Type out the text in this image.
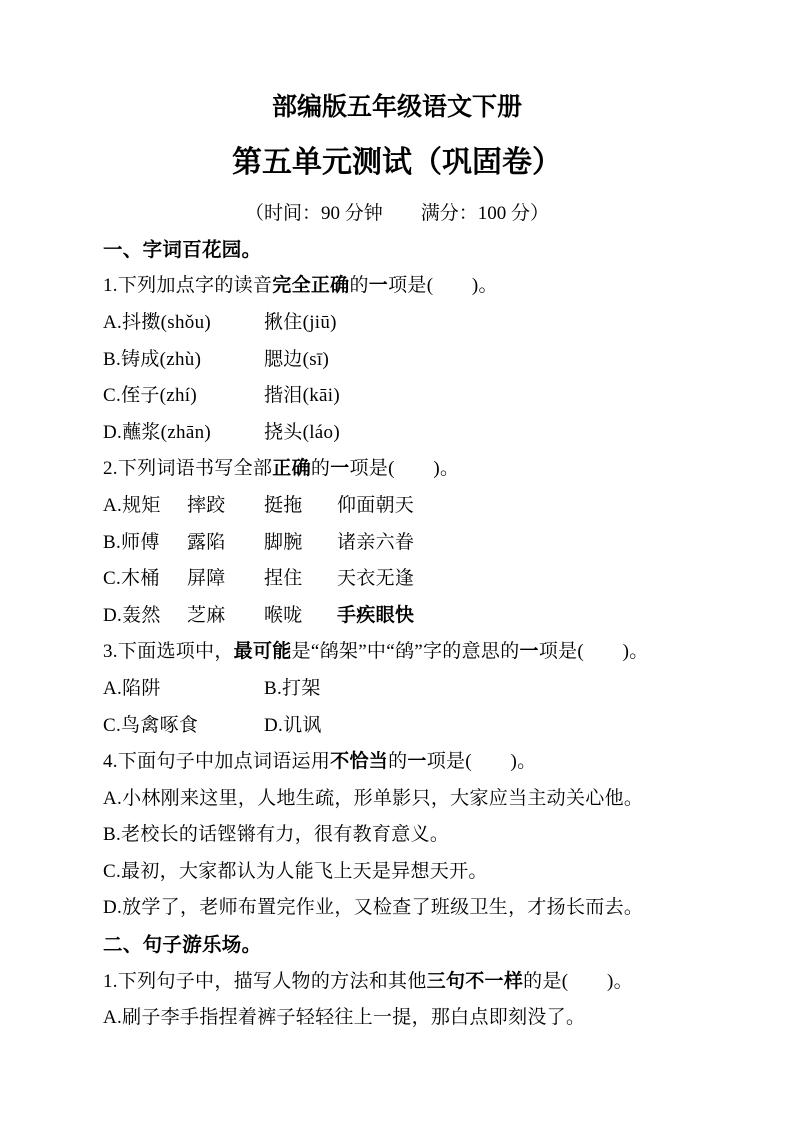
部编版五年级语文下册
第五单元测试（巩固卷）
（时间：90 分钟　　满分：100 分）
一、字词百花园。
1.下列加点字的读音完全正确的一项是(　　)。
A.抖擞(shǒu)	揪住(jiū)
B.铸成(zhù)	腮边(sī)
C.侄子(zhí)	揩泪(kāi)
D.蘸浆(zhān)	挠头(láo)
2.下列词语书写全部正确的一项是(　　)。
A.规矩 摔跤 挺拖 仰面朝天
B.师傅 露陷 脚腕 诸亲六眷
C.木桶 屏障 捏住 天衣无逢
D.轰然 芝麻 喉咙 手疾眼快
3.下面选项中，最可能是“鹐架”中“鹐”字的意思的一项是(　　)。
A.陷阱	B.打架
C.鸟禽啄食	D.讥讽
4.下面句子中加点词语运用不恰当的一项是(　　)。
A.小林刚来这里，人地生疏，形单影只，大家应当主动关心他。
B.老校长的话铿锵有力，很有教育意义。
C.最初，大家都认为人能飞上天是异想天开。
D.放学了，老师布置完作业，又检查了班级卫生，才扬长而去。
二、句子游乐场。
1.下列句子中，描写人物的方法和其他三句不一样的是(　　)。
A.刷子李手指捏着裤子轻轻往上一提，那白点即刻没了。
